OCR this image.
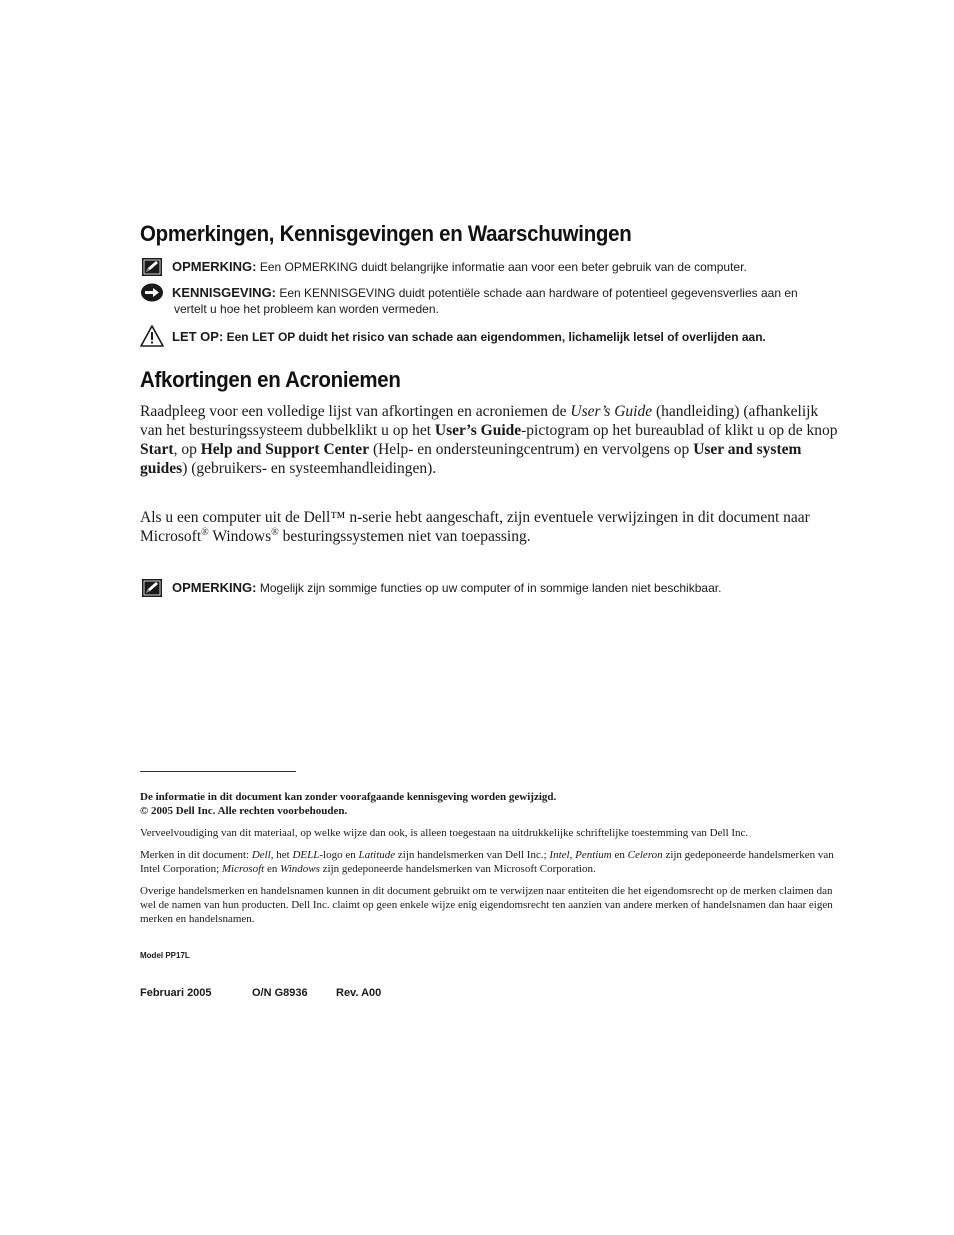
Opmerkingen, Kennisgevingen en Waarschuwingen
OPMERKING: Een OPMERKING duidt belangrijke informatie aan voor een beter gebruik van de computer.
KENNISGEVING: Een KENNISGEVING duidt potentiële schade aan hardware of potentieel gegevensverlies aan en
vertelt u hoe het probleem kan worden vermeden.
LET OP: Een LET OP duidt het risico van schade aan eigendommen, lichamelijk letsel of overlijden aan.
Afkortingen en Acroniemen
Raadpleeg voor een volledige lijst van afkortingen en acroniemen de User’s Guide (handleiding) (afhankelijk van het besturingssysteem dubbelklikt u op het User’s Guide-pictogram op het bureaublad of klikt u op de knop Start, op Help and Support Center (Help- en ondersteuningcentrum) en vervolgens op User and system guides) (gebruikers- en systeemhandleidingen).
Als u een computer uit de Dell™ n-serie hebt aangeschaft, zijn eventuele verwijzingen in dit document naar Microsoft® Windows® besturingssystemen niet van toepassing.
OPMERKING: Mogelijk zijn sommige functies op uw computer of in sommige landen niet beschikbaar.
De informatie in dit document kan zonder voorafgaande kennisgeving worden gewijzigd.
© 2005 Dell Inc. Alle rechten voorbehouden.
Verveelvoudiging van dit materiaal, op welke wijze dan ook, is alleen toegestaan na uitdrukkelijke schriftelijke toestemming van Dell Inc.
Merken in dit document: Dell, het DELL-logo en Latitude zijn handelsmerken van Dell Inc.; Intel, Pentium en Celeron zijn gedeponeerde handelsmerken van Intel Corporation; Microsoft en Windows zijn gedeponeerde handelsmerken van Microsoft Corporation.
Overige handelsmerken en handelsnamen kunnen in dit document gebruikt om te verwijzen naar entiteiten die het eigendomsrecht op de merken claimen dan wel de namen van hun producten. Dell Inc. claimt op geen enkele wijze enig eigendomsrecht ten aanzien van andere merken of handelsnamen dan haar eigen merken en handelsnamen.
Model PP17L
Februari 2005	O/N G8936	Rev. A00
